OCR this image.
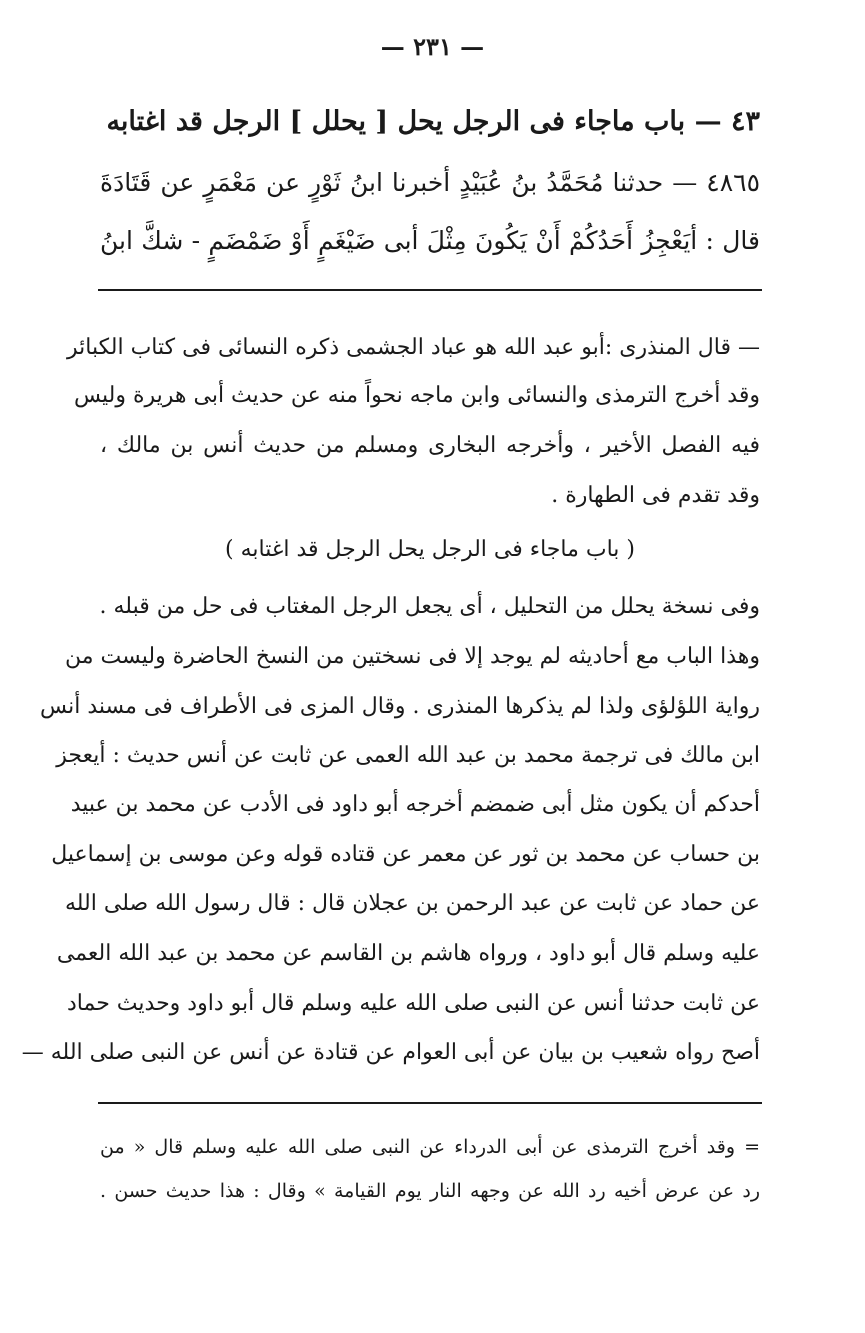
— ٢٣١ —
٤٣ — باب ماجاء فى الرجل يحل [ يحلل ] الرجل قد اغتابه
٤٨٦٥ — حدثنا مُحَمَّدُ بنُ عُبَيْدٍ أخبرنا ابنُ ثَوْرٍ عن مَعْمَرٍ عن قَتَادَةَ
قال : أيَعْجِزُ أَحَدُكُمْ أَنْ يَكُونَ مِثْلَ أبى ضَيْغَمٍ أَوْ ضَمْضَمٍ - شكَّ ابنُ
— قال المنذرى :أبو عبد الله هو عباد الجشمى ذكره النسائى فى كتاب الكبائر
وقد أخرج الترمذى والنسائى وابن ماجه نحواً منه عن حديث أبى هريرة وليس
فيه الفصل الأخير ، وأخرجه البخارى ومسلم من حديث أنس بن مالك ،
وقد تقدم فى الطهارة .
( باب ماجاء فى الرجل يحل الرجل قد اغتابه )
وفى نسخة يحلل من التحليل ، أى يجعل الرجل المغتاب فى حل من قبله .
وهذا الباب مع أحاديثه لم يوجد إلا فى نسختين من النسخ الحاضرة وليست من
رواية اللؤلؤى ولذا لم يذكرها المنذرى . وقال المزى فى الأطراف فى مسند أنس
ابن مالك فى ترجمة محمد بن عبد الله العمى عن ثابت عن أنس حديث : أيعجز
أحدكم أن يكون مثل أبى ضمضم أخرجه أبو داود فى الأدب عن محمد بن عبيد
بن حساب عن محمد بن ثور عن معمر عن قتاده قوله وعن موسى بن إسماعيل
عن حماد عن ثابت عن عبد الرحمن بن عجلان قال : قال رسول الله صلى الله
عليه وسلم قال أبو داود ، ورواه هاشم بن القاسم عن محمد بن عبد الله العمى
عن ثابت حدثنا أنس عن النبى صلى الله عليه وسلم قال أبو داود وحديث حماد
أصح رواه شعيب بن بيان عن أبى العوام عن قتادة عن أنس عن النبى صلى الله —
= وقد أخرج الترمذى عن أبى الدرداء عن النبى صلى الله عليه وسلم قال « من
رد عن عرض أخيه رد الله عن وجهه النار يوم القيامة » وقال : هذا حديث حسن .
